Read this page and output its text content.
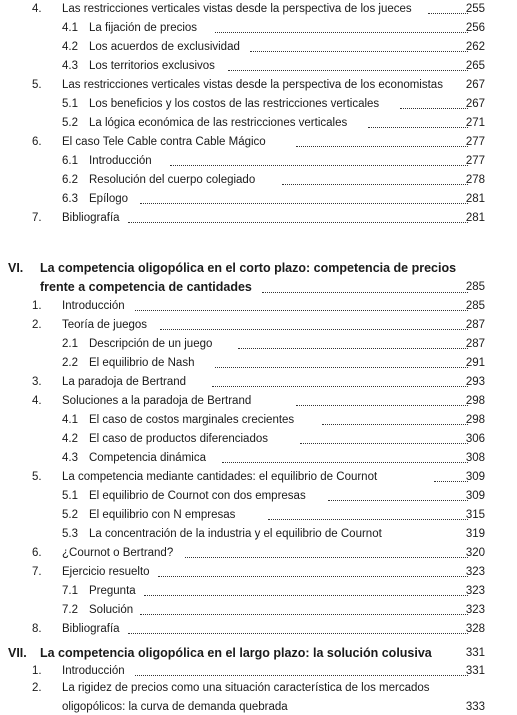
4. Las restricciones verticales vistas desde la perspectiva de los jueces	255
4.1 La fijación de precios	256
4.2 Los acuerdos de exclusividad	262
4.3 Los territorios exclusivos	265
5. Las restricciones verticales vistas desde la perspectiva de los economistas 267
5.1 Los beneficios y los costos de las restricciones verticales	267
5.2 La lógica económica de las restricciones verticales	271
6. El caso Tele Cable contra Cable Mágico	277
6.1 Introducción	277
6.2 Resolución del cuerpo colegiado	278
6.3 Epílogo	281
7. Bibliografía	281
VI. La competencia oligopólica en el corto plazo: competencia de precios
frente a competencia de cantidades	285
1. Introducción	285
2. Teoría de juegos	287
2.1 Descripción de un juego	287
2.2 El equilibrio de Nash	291
3. La paradoja de Bertrand	293
4. Soluciones a la paradoja de Bertrand	298
4.1 El caso de costos marginales crecientes	298
4.2 El caso de productos diferenciados	306
4.3 Competencia dinámica	308
5. La competencia mediante cantidades: el equilibrio de Cournot	309
5.1 El equilibrio de Cournot con dos empresas	309
5.2 El equilibrio con N empresas	315
5.3 La concentración de la industria y el equilibrio de Cournot	319
6. ¿Cournot o Bertrand?	320
7. Ejercicio resuelto	323
7.1 Pregunta	323
7.2 Solución	323
8. Bibliografía	328
VII. La competencia oligopólica en el largo plazo: la solución colusiva	331
1. Introducción	331
2. La rigidez de precios como una situación característica de los mercados
oligopólicos: la curva de demanda quebrada	333
